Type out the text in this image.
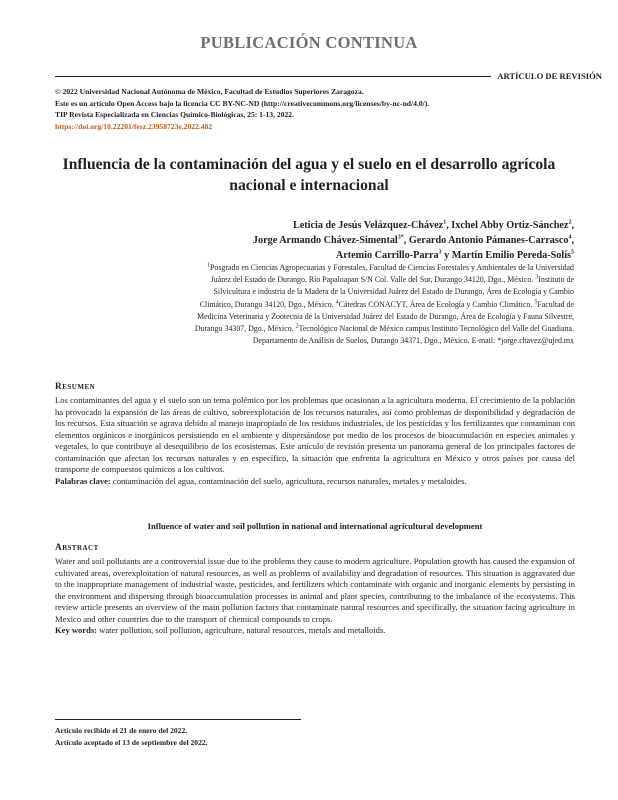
PUBLICACIÓN CONTINUA
ARTÍCULO DE REVISIÓN
© 2022 Universidad Nacional Autónoma de México, Facultad de Estudios Superiores Zaragoza.
Este es un artículo Open Access bajo la licencia CC BY-NC-ND (http://creativecommons.org/licenses/by-nc-nd/4.0/).
TIP Revista Especializada en Ciencias Químico-Biológicas, 25: 1-13, 2022.
https://doi.org/10.22201/fesz.23958723e.2022.482
Influencia de la contaminación del agua y el suelo en el desarrollo agrícola nacional e internacional
Leticia de Jesús Velázquez-Chávez$^1$, Ixchel Abby Ortiz-Sánchez$^2$,
Jorge Armando Chávez-Simental$^{3*}$, Gerardo Antonio Pámanes-Carrasco$^4$,
Artemio Carrillo-Parra$^3$ y Martín Emilio Pereda-Solís$^5$
$^1$Posgrado en Ciencias Agropecuarias y Forestales, Facultad de Ciencias Forestales y Ambientales de la Universidad Juárez del Estado de Durango, Río Papaloapan S/N Col. Valle del Sur, Durango 34120, Dgo., México. $^3$Instituto de Silvicultura e industria de la Madera de la Universidad Juárez del Estado de Durango, Área de Ecología y Cambio Climático, Durango 34120, Dgo., México. $^4$Cátedras CONACYT, Área de Ecología y Cambio Climático. $^5$Facultad de Medicina Veterinaria y Zootecnia de la Universidad Juárez del Estado de Durango, Área de Ecología y Fauna Silvestre, Durango 34307, Dgo., México. $^2$Tecnológico Nacional de México campus Instituto Tecnológico del Valle del Guadiana. Departamento de Análisis de Suelos, Durango 34371, Dgo., México. E-mail: *jorge.chavez@ujed.mx
Resumen

Los contaminantes del agua y el suelo son un tema polémico por los problemas que ocasionan a la agricultura moderna. El crecimiento de la población ha provocado la expansión de las áreas de cultivo, sobreexplotación de los recursos naturales, así como problemas de disponibilidad y degradación de los recursos. Esta situación se agrava debido al manejo inapropiado de los residuos industriales, de los pesticidas y los fertilizantes que contaminan con elementos orgánicos e inorgánicos persistiendo en el ambiente y dispersándose por medio de los procesos de bioacumulación en especies animales y vegetales, lo que contribuye al desequilibrio de los ecosistemas. Este artículo de revisión presenta un panorama general de los principales factores de contaminación que afectan los recursos naturales y en específico, la situación que enfrenta la agricultura en México y otros países por causa del transporte de compuestos químicos a los cultivos.

Palabras clave: contaminación del agua, contaminación del suelo, agricultura, recursos naturales, metales y metaloides.

Influence of water and soil pollution in national and international agricultural development
Abstract

Water and soil pollutants are a controversial issue due to the problems they cause to modern agriculture. Population growth has caused the expansion of cultivated areas, overexploitation of natural resources, as well as problems of availability and degradation of resources. This situation is aggravated due to the inappropriate management of industrial waste, pesticides, and fertilizers which contaminate with organic and inorganic elements by persisting in the environment and dispersing through bioaccumulation processes in animal and plant species, contributing to the imbalance of the ecosystems. This review article presents an overview of the main pollution factors that contaminate natural resources and specifically, the situation facing agriculture in Mexico and other countries due to the transport of chemical compounds to crops.

Key words: water pollution, soil pollution, agriculture, natural resources, metals and metalloids.

Artículo recibido el 21 de enero del 2022.
Artículo aceptado el 13 de septiembre del 2022.
